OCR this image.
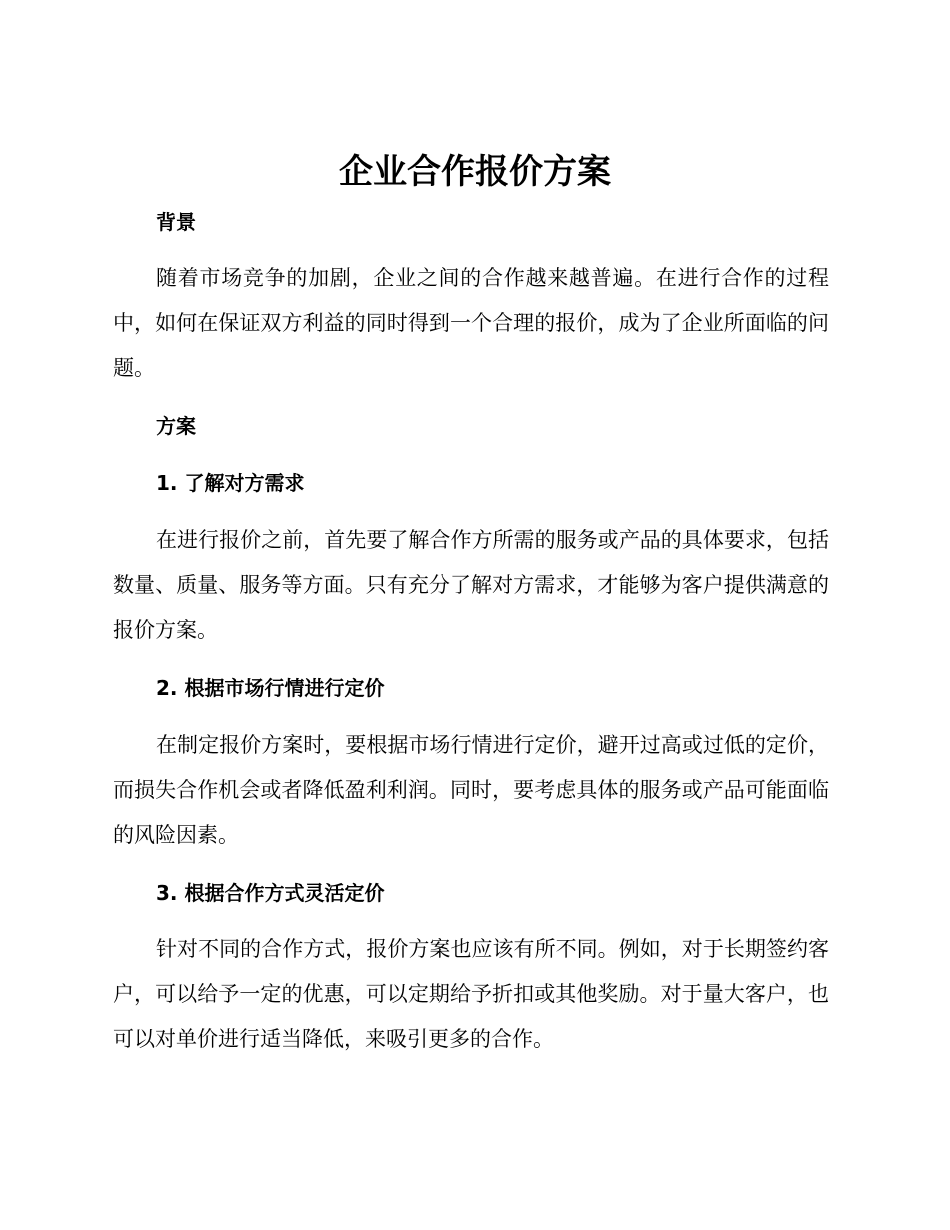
企业合作报价方案
背景
随着市场竞争的加剧，企业之间的合作越来越普遍。在进行合作的过程中，如何在保证双方利益的同时得到一个合理的报价，成为了企业所面临的问题。
方案
1. 了解对方需求
在进行报价之前，首先要了解合作方所需的服务或产品的具体要求，包括数量、质量、服务等方面。只有充分了解对方需求，才能够为客户提供满意的报价方案。
2. 根据市场行情进行定价
在制定报价方案时，要根据市场行情进行定价，避开过高或过低的定价，而损失合作机会或者降低盈利利润。同时，要考虑具体的服务或产品可能面临的风险因素。
3. 根据合作方式灵活定价
针对不同的合作方式，报价方案也应该有所不同。例如，对于长期签约客户，可以给予一定的优惠，可以定期给予折扣或其他奖励。对于量大客户，也可以对单价进行适当降低，来吸引更多的合作。
